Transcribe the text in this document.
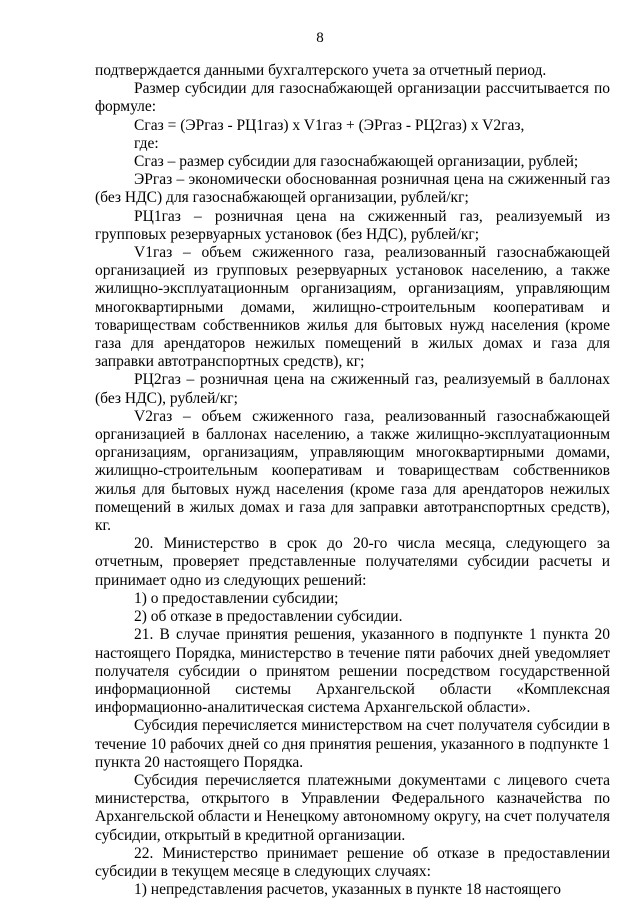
8

подтверждается данными бухгалтерского учета за отчетный период.

Размер субсидии для газоснабжающей организации рассчитывается по формуле:

Сгаз = (ЭРгаз - РЦ1газ) x V1газ + (ЭРгаз - РЦ2газ) x V2газ,

где:

Сгаз – размер субсидии для газоснабжающей организации, рублей;

ЭРгаз – экономически обоснованная розничная цена на сжиженный газ (без НДС) для газоснабжающей организации, рублей/кг;

РЦ1газ – розничная цена на сжиженный газ, реализуемый из групповых резервуарных установок (без НДС), рублей/кг;

V1газ – объем сжиженного газа, реализованный газоснабжающей организацией из групповых резервуарных установок населению, а также жилищно-эксплуатационным организациям, организациям, управляющим многоквартирными домами, жилищно-строительным кооперативам и товариществам собственников жилья для бытовых нужд населения (кроме газа для арендаторов нежилых помещений в жилых домах и газа для заправки автотранспортных средств), кг;

РЦ2газ – розничная цена на сжиженный газ, реализуемый в баллонах (без НДС), рублей/кг;

V2газ – объем сжиженного газа, реализованный газоснабжающей организацией в баллонах населению, а также жилищно-эксплуатационным организациям, организациям, управляющим многоквартирными домами, жилищно-строительным кооперативам и товариществам собственников жилья для бытовых нужд населения (кроме газа для арендаторов нежилых помещений в жилых домах и газа для заправки автотранспортных средств), кг.

20. Министерство в срок до 20-го числа месяца, следующего за отчетным, проверяет представленные получателями субсидии расчеты и принимает одно из следующих решений:

1) о предоставлении субсидии;

2) об отказе в предоставлении субсидии.

21. В случае принятия решения, указанного в подпункте 1 пункта 20 настоящего Порядка, министерство в течение пяти рабочих дней уведомляет получателя субсидии о принятом решении посредством государственной информационной системы Архангельской области «Комплексная информационно-аналитическая система Архангельской области».

Субсидия перечисляется министерством на счет получателя субсидии в течение 10 рабочих дней со дня принятия решения, указанного в подпункте 1 пункта 20 настоящего Порядка.

Субсидия перечисляется платежными документами с лицевого счета министерства, открытого в Управлении Федерального казначейства по Архангельской области и Ненецкому автономному округу, на счет получателя субсидии, открытый в кредитной организации.

22. Министерство принимает решение об отказе в предоставлении субсидии в текущем месяце в следующих случаях:

1) непредставления расчетов, указанных в пункте 18 настоящего
